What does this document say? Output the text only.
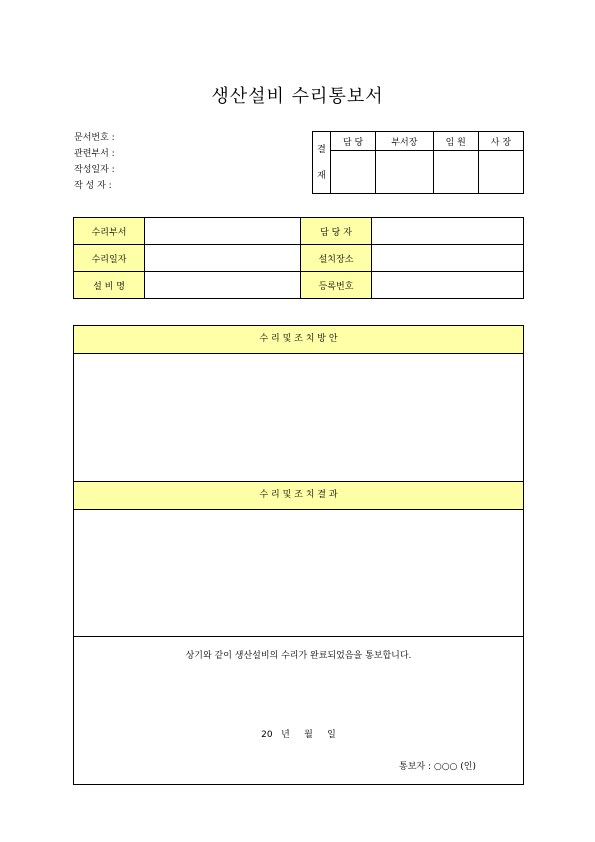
생산설비 수리통보서
문서번호 :
관련부서 :
작성일자 :
작 성 자 :
결
재	담 당	부서장	임 원	사 장

수리부서		담 당 자	
수리일자		설치장소	
설 비 명		등록번호	
수 리 및 조 치 방 안
수 리 및 조 치 결 과
상기와 같이 생산설비의 수리가 완료되었음을 통보합니다.
20   년     월     일
통보자 : ○○○ (인)
